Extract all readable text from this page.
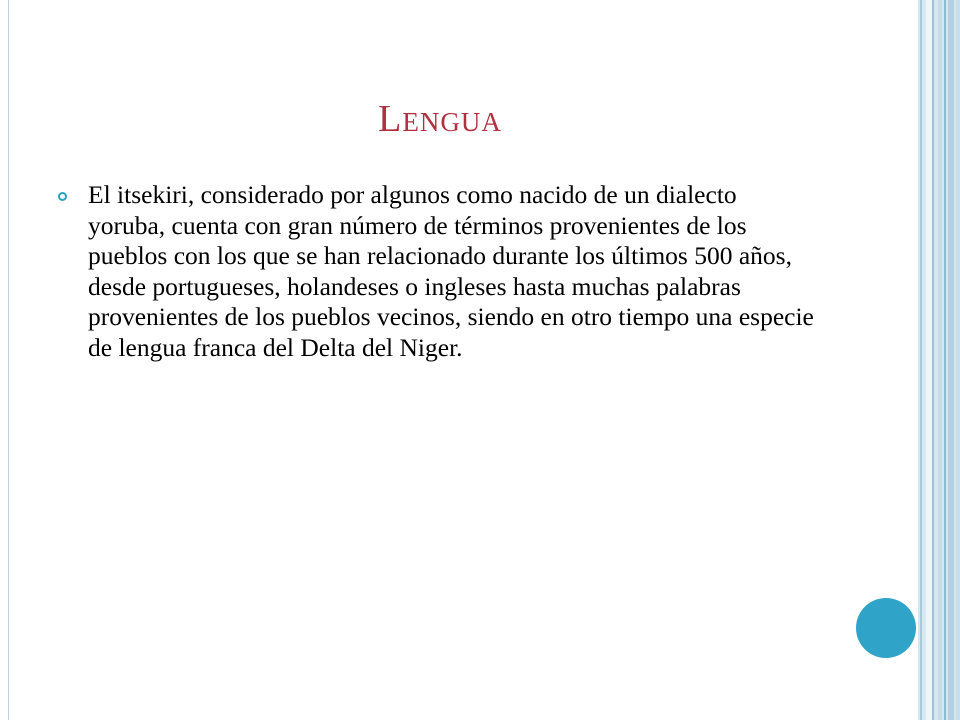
Lengua

El itsekiri, considerado por algunos como nacido de un dialecto yoruba, cuenta con gran número de términos provenientes de los pueblos con los que se han relacionado durante los últimos 500 años, desde portugueses, holandeses o ingleses hasta muchas palabras provenientes de los pueblos vecinos, siendo en otro tiempo una especie de lengua franca del Delta del Niger.
